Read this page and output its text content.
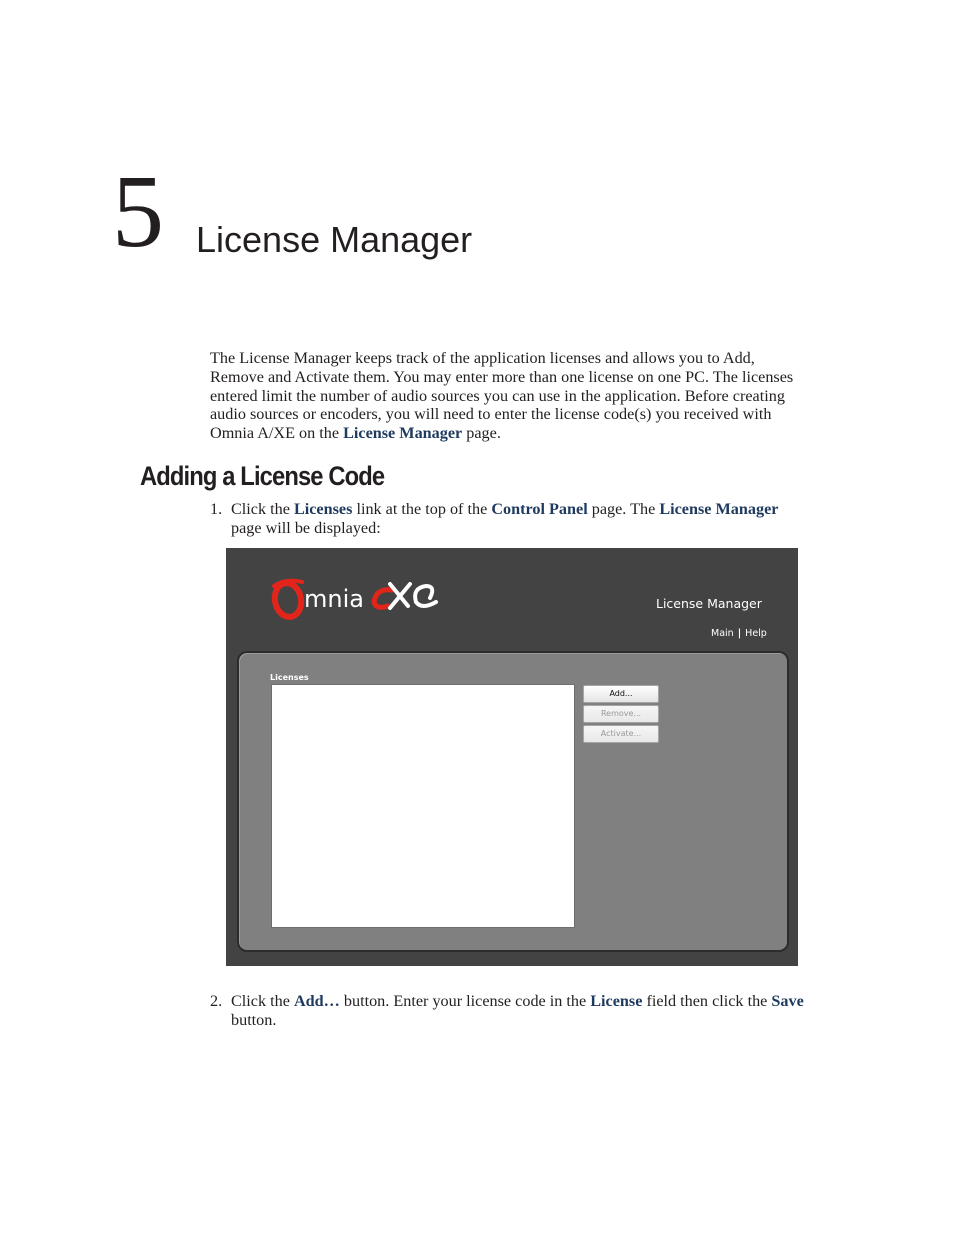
5 License Manager
The License Manager keeps track of the application licenses and allows you to Add,
Remove and Activate them. You may enter more than one license on one PC. The licenses
entered limit the number of audio sources you can use in the application. Before creating
audio sources or encoders, you will need to enter the license code(s) you received with
Omnia A/XE on the License Manager page.
Adding a License Code
1. Click the Licenses link at the top of the Control Panel page. The License Manager
page will be displayed:
mnia	License Manager
Main | Help
Licenses
Add...
Remove...
Activate...
2. Click the Add… button. Enter your license code in the License field then click the Save
button.
